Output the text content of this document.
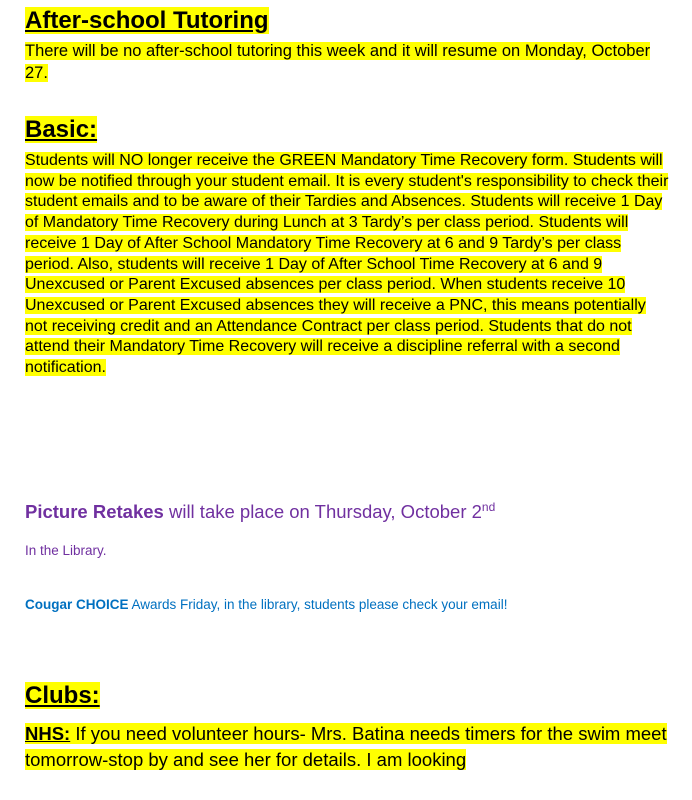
After-school Tutoring

There will be no after-school tutoring this week and it will resume on Monday, October 27.

Basic:

Students will NO longer receive the GREEN Mandatory Time Recovery form. Students will now be notified through your student email. It is every student's responsibility to check their student emails and to be aware of their Tardies and Absences. Students will receive 1 Day of Mandatory Time Recovery during Lunch at 3 Tardy’s per class period. Students will receive 1 Day of After School Mandatory Time Recovery at 6 and 9 Tardy’s per class period. Also, students will receive 1 Day of After School Time Recovery at 6 and 9 Unexcused or Parent Excused absences per class period. When students receive 10 Unexcused or Parent Excused absences they will receive a PNC, this means potentially not receiving credit and an Attendance Contract per class period. Students that do not attend their Mandatory Time Recovery will receive a discipline referral with a second notification.

Picture Retakes will take place on Thursday, October 2nd

In the Library.

Cougar CHOICE Awards Friday, in the library, students please check your email!

Clubs:

NHS: If you need volunteer hours- Mrs. Batina needs timers for the swim meet tomorrow-stop by and see her for details. I am looking
